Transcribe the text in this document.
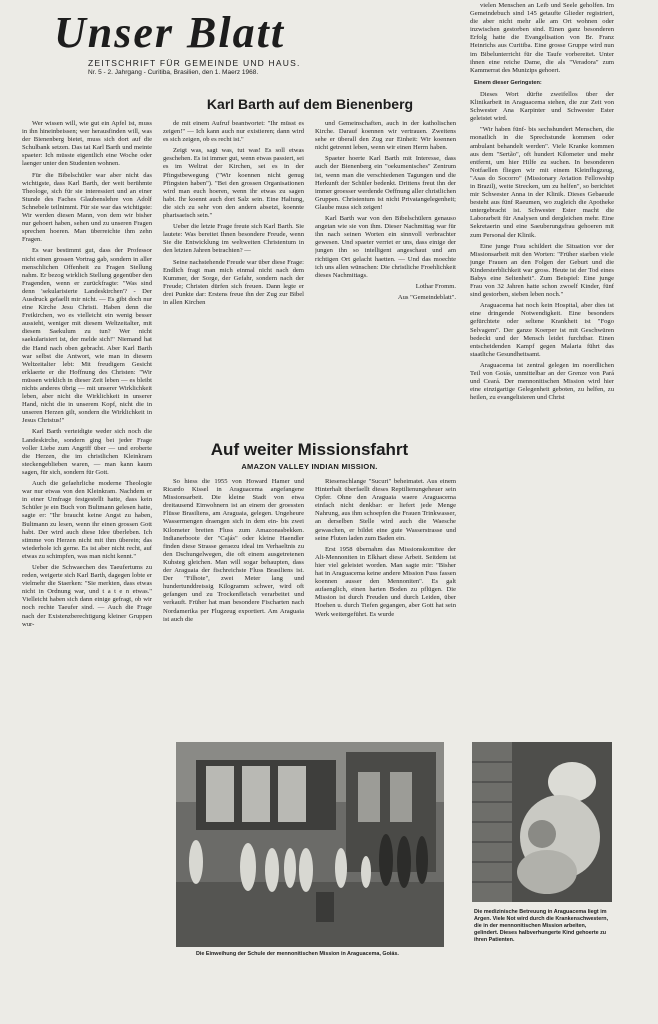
Unser Blatt
ZEITSCHRIFT FÜR GEMEINDE UND HAUS.
Nr. 5 - 2. Jahrgang - Curitiba, Brasilien, den 1. Maerz 1968.
Karl Barth auf dem Bienenberg

Wer wissen will, wie gut ein Apfel ist, muss in ihn hineinbeissen; wer herausfinden will, was der Bienenberg bietet, muss sich dort auf die Schulbank setzen. Das tat Karl Barth und meinte spaeter: Ich müsste eigentlich eine Woche oder laenger unter den Studenten wohnen.

Für die Bibelschüler war aber nicht das wichtigste, dass Karl Barth, der weit berühmte Theologe, sich für sie interessiert und an einer Stunde des Faches Glaubenslehre von Adolf Schnebele teilnimmt. Für sie war das wichtigste: Wir werden diesen Mann, von dem wir bisher nur gehoert haben, sehen und zu unseren Fragen sprechen hoeren. Man überreichte ihm zehn Fragen.

Es war bestimmt gut, dass der Professor nicht einen grossen Vortrag gab, sondern in aller menschlichen Offenheit zu Fragen Stellung nahm. Er bezog wirklich Stellung gegenüber den Fragenden, wenn er zurückfragte: "Was sind denn 'sekularisierte Landeskirchen'? - Der Ausdruck gefaellt mir nicht. — Es gibt doch nur eine Kirche Jesu Christi. Haben denn die Freikirchen, wo es vielleicht ein wenig besser aussieht, weniger mit diesem Weltzeitalter, mit diesem Saekulum zu tun? Wer nicht saekularisiert ist, der melde sich!" Niemand hat die Hand nach oben gebracht. Aber Karl Barth war selbst die Antwort, wie man in diesem Weltzeitalter lebt: Mit freudigem Gesicht erklaerte er die Hoffnung des Christen: "Wir müssen wirklich in dieser Zeit leben — es bleibt nichts anderes übrig — mit unserer Wirklichkeit leben, aber nicht die Wirklichkeit in unserer Hand, nicht die in unserem Kopf, nicht die in unseren Herzen gilt, sondern die Wirklichkeit in Jesus Christus!"

Karl Barth verteidigte weder sich noch die Landeskirche, sondern ging bei jeder Frage voller Liebe zum Angriff über — und eroberte die Herzen, die im christlichen Kleinkram steckengeblieben waren, — man kann kaum sagen, für sich, sondern für Gott.

Auch die gefaehrliche moderne Theologie war nur etwas von den Kleinkram. Nachdem er in einer Umfrage festgestellt hatte, dass kein Schüler je ein Buch von Bultmann gelesen hatte, sagte er: "Ihr braucht keine Angst zu haben, Bultmann zu lesen, wenn ihr einen grossen Gott habt. Der wird auch diese Idee überleben. Ich stimme von Herzen nicht mit ihm überein; das wiederhole ich gerne. Es ist aber nicht recht, auf etwas zu schimpfen, was man nicht kennt."

Ueber die Schwaechen des Taeufertums zu reden, weigerte sich Karl Barth, dagegen lobte er vielmehr die Staerken: "Sie merkten, dass etwas nicht in Ordnung war, und t a t e n etwas." Vielleicht haben sich dann einige gefragt, ob wir noch rechte Taeufer sind. — Auch die Frage nach der Existenzberechtigung kleiner Gruppen wur-

de mit einem Aufruf beantwortet: "Ihr müsst es zeigen!" — Ich kann auch nur existieren; dann wird es sich zeigen, ob es recht ist."

Zeigt was, sagt was, tut was! Es soll etwas geschehen. Es ist immer gut, wenn etwas passiert, sei es im Weltrat der Kirchen, sei es in der Pfingstbewegung ("Wir koennen nicht genug Pfingsten haben"). "Bei den grossen Organisationen wird man euch hoeren, wenn ihr etwas zu sagen habt. Ihr koennt auch dort Salz sein. Eine Haltung, die sich zu sehr von den andern absetzt, koennte pharisaeisch sein."

Ueber die letzte Frage freute sich Karl Barth. Sie lautete: Was bereitet Ihnen besondere Freude, wenn Sie die Entwicklung im weltweiten Christentum in den letzten Jahren betrachten? —

Seine nachstehende Freude war über diese Frage: Endlich fragt man mich einmal nicht nach dem Kummer, der Sorge, der Gefahr, sondern nach der Freude; Christen dürfen sich freuen. Dann legte er drei Punkte dar: Erstens freue ihn der Zug zur Bibel in allen Kirchen

und Gemeinschaften, auch in der katholischen Kirche. Darauf koennen wir vertrauen. Zweitens sehe er überall den Zug zur Einheit: Wir koennen nicht getrennt leben, wenn wir einen Herrn haben.

Spaeter hoerte Karl Barth mit Interesse, dass auch der Bienenberg ein "oekumenisches" Zentrum ist, wenn man die verschiedenen Tagungen und die Herkunft der Schüler bedenkt. Drittens freut ihn der immer groesser werdende Oeffnung aller christlichen Gruppen. Christentum ist nicht Privatangelegenheit; Glaube muss sich zeigen!

Karl Barth war von den Bibelschülern genauso angetan wie sie von ihm. Dieser Nachmittag war für ihn nach seinen Worten ein sinnvoll verbrachter gewesen. Und spaeter verriet er uns, dass einige der jungen ihn so intelligent angeschaut und am richtigen Ort gelacht haetten. — Und das moechte ich uns allen wünschen: Die christliche Froehlichkeit dieses Nachmittags.

Lothar Fromm.

Aus "Gemeindeblatt".

vielen Menschen an Leib und Seele geholfen. Im Gemeindebuch sind 145 getaufte Glieder registriert, die aber nicht mehr alle am Ort wohnen oder inzwischen gestorben sind. Einen ganz besonderen Erfolg hatte die Evangelisation von Br. Franz Heinrichs aus Curitiba. Eine grosse Gruppe wird nun im Bibelunterricht für die Taufe vorbereitet. Unter ihnen eine reiche Dame, die als "Veradora" zum Kammerrat des Munizips gehoert.

Einem dieser Geringsten:

Dieses Wort dürfte zweifellos über der Klinikarbeit in Araguacema stehen, die zur Zeit von Schwester Ana Karpinter und Schwester Ester geleistet wird.

"Wir haben fünf- bis sechshundert Menschen, die monatlich in die Sprechstunde kommen oder ambulant behandelt werden". Viele Kranke kommen aus dem "Sertão", oft hundert Kilometer und mehr entfernt, um hier Hilfe zu suchen. In besonderen Notfaellen fliegen wir mit einem Kleinflugzeug, "Asas do Socorro" (Missionary Aviation Fellowship in Brazil), weite Strecken, um zu helfen", so berichtet mir Schwester Anna in der Klinik. Dieses Gebaeude besteht aus fünf Raeumen, wo zugleich die Apotheke untergebracht ist. Schwester Ester macht die Laborarbeit für Analysen und dergleichen mehr. Eine Sekretaerin und eine Saeuberungsfrau gehoeren mit zum Personal der Klinik.

Eine junge Frau schildert die Situation vor der Missionsarbeit mit den Worten: "Früher starben viele junge Frauen an den Folgen der Geburt und die Kindersterblichkeit war gross. Heute ist der Tod eines Babys eine Seltenheit". Zum Beispiel: Eine junge Frau von 32 Jahren hatte schon zwoelf Kinder, fünf sind gestorben, sieben leben noch."

Araguacema hat noch kein Hospital, aber dies ist eine dringende Notwendigkeit. Eine besonders gefürchtete oder seltene Krankheit ist "Fogo Selvagem". Der ganze Koerper ist mit Geschwüren bedeckt und der Mensch leidet furchtbar. Einen entscheidenden Kampf gegen Malaria führt das staatliche Gesundheitsamt.

Araguacema ist zentral gelegen im noerdlichen Teil von Goiás, unmittelbar an der Grenze von Pará und Ceará. Der mennonitischen Mission wird hier eine einzigartige Gelegenheit geboten, zu helfen, zu heilen, zu evangelisieren und Christ

Auf weiter Missionsfahrt
AMAZON VALLEY INDIAN MISSION.

So hiess die 1955 von Howard Hamer und Ricardo Kissel in Araguacema angefangene Missionsarbeit. Die kleine Stadt von etwa dreitausend Einwohnern ist an einem der groessten Flüsse Brasiliens, am Araguaia, gelegen. Ungeheure Wassermengen draengen sich in dem ein- bis zwei Kilometer breiten Fluss zum Amazonasbekken. Indianerboote der "Cajás" oder kleine Haendler finden diese Strasse geraezu ideal im Verhaeltnis zu den Dschungelwegen, die oft einem ausgetretenen Kuhsteg gleichen. Man will sogar behaupten, dass der Araguaia der fischreichste Fluss Brasiliens ist. Der "Filhote", zwei Meter lang und hundertunddreissig Kilogramm schwer, wird oft gefangen und zu Trockenfleisch verarbeitet und verkauft. Früher hat man besondere Fischarten nach Nordamerika per Flugzeug exportiert. Am Araguaia ist auch die

Riesenschlange "Sucuri" beheimatet. Aus einem Hinterhalt überfaellt dieses Reptilienungeheuer sein Opfer. Ohne den Araguaia waere Araguacema einfach nicht denkbar: er liefert jede Menge Nahrung, aus ihm schoepfen die Frauen Trinkwasser, an derselben Stelle wird auch die Waesche gewaschen, er bildet eine gute Wasserstrasse und seine Fluten laden zum Baden ein.

Erst 1958 übernahm das Missionskomitee der Alt-Mennoniten in Elkhart diese Arbeit. Seitdem ist hier viel geleistet worden. Man sagte mir: "Bisher hat in Araguacema keine andere Mission Fuss fassen koennen ausser den Mennoniten". Es galt aufaenglich, einen harten Boden zu pflügen. Die Mission ist durch Freuden und durch Leiden, über Hoehen u. durch Tiefen gegangen, aber Gott hat sein Werk weitergeführt. Es wurde

Die Einweihung der Schule der mennonitischen Mission in Araguacema, Goiás.
Die medizinische Betreuung in Araguacema liegt im Argen. Viele Not wird durch die Krankenschwestern, die in der mennonitischen Mission arbeiten, gelindert. Dieses halbverhungerte Kind gehoerte zu ihren Patienten.
